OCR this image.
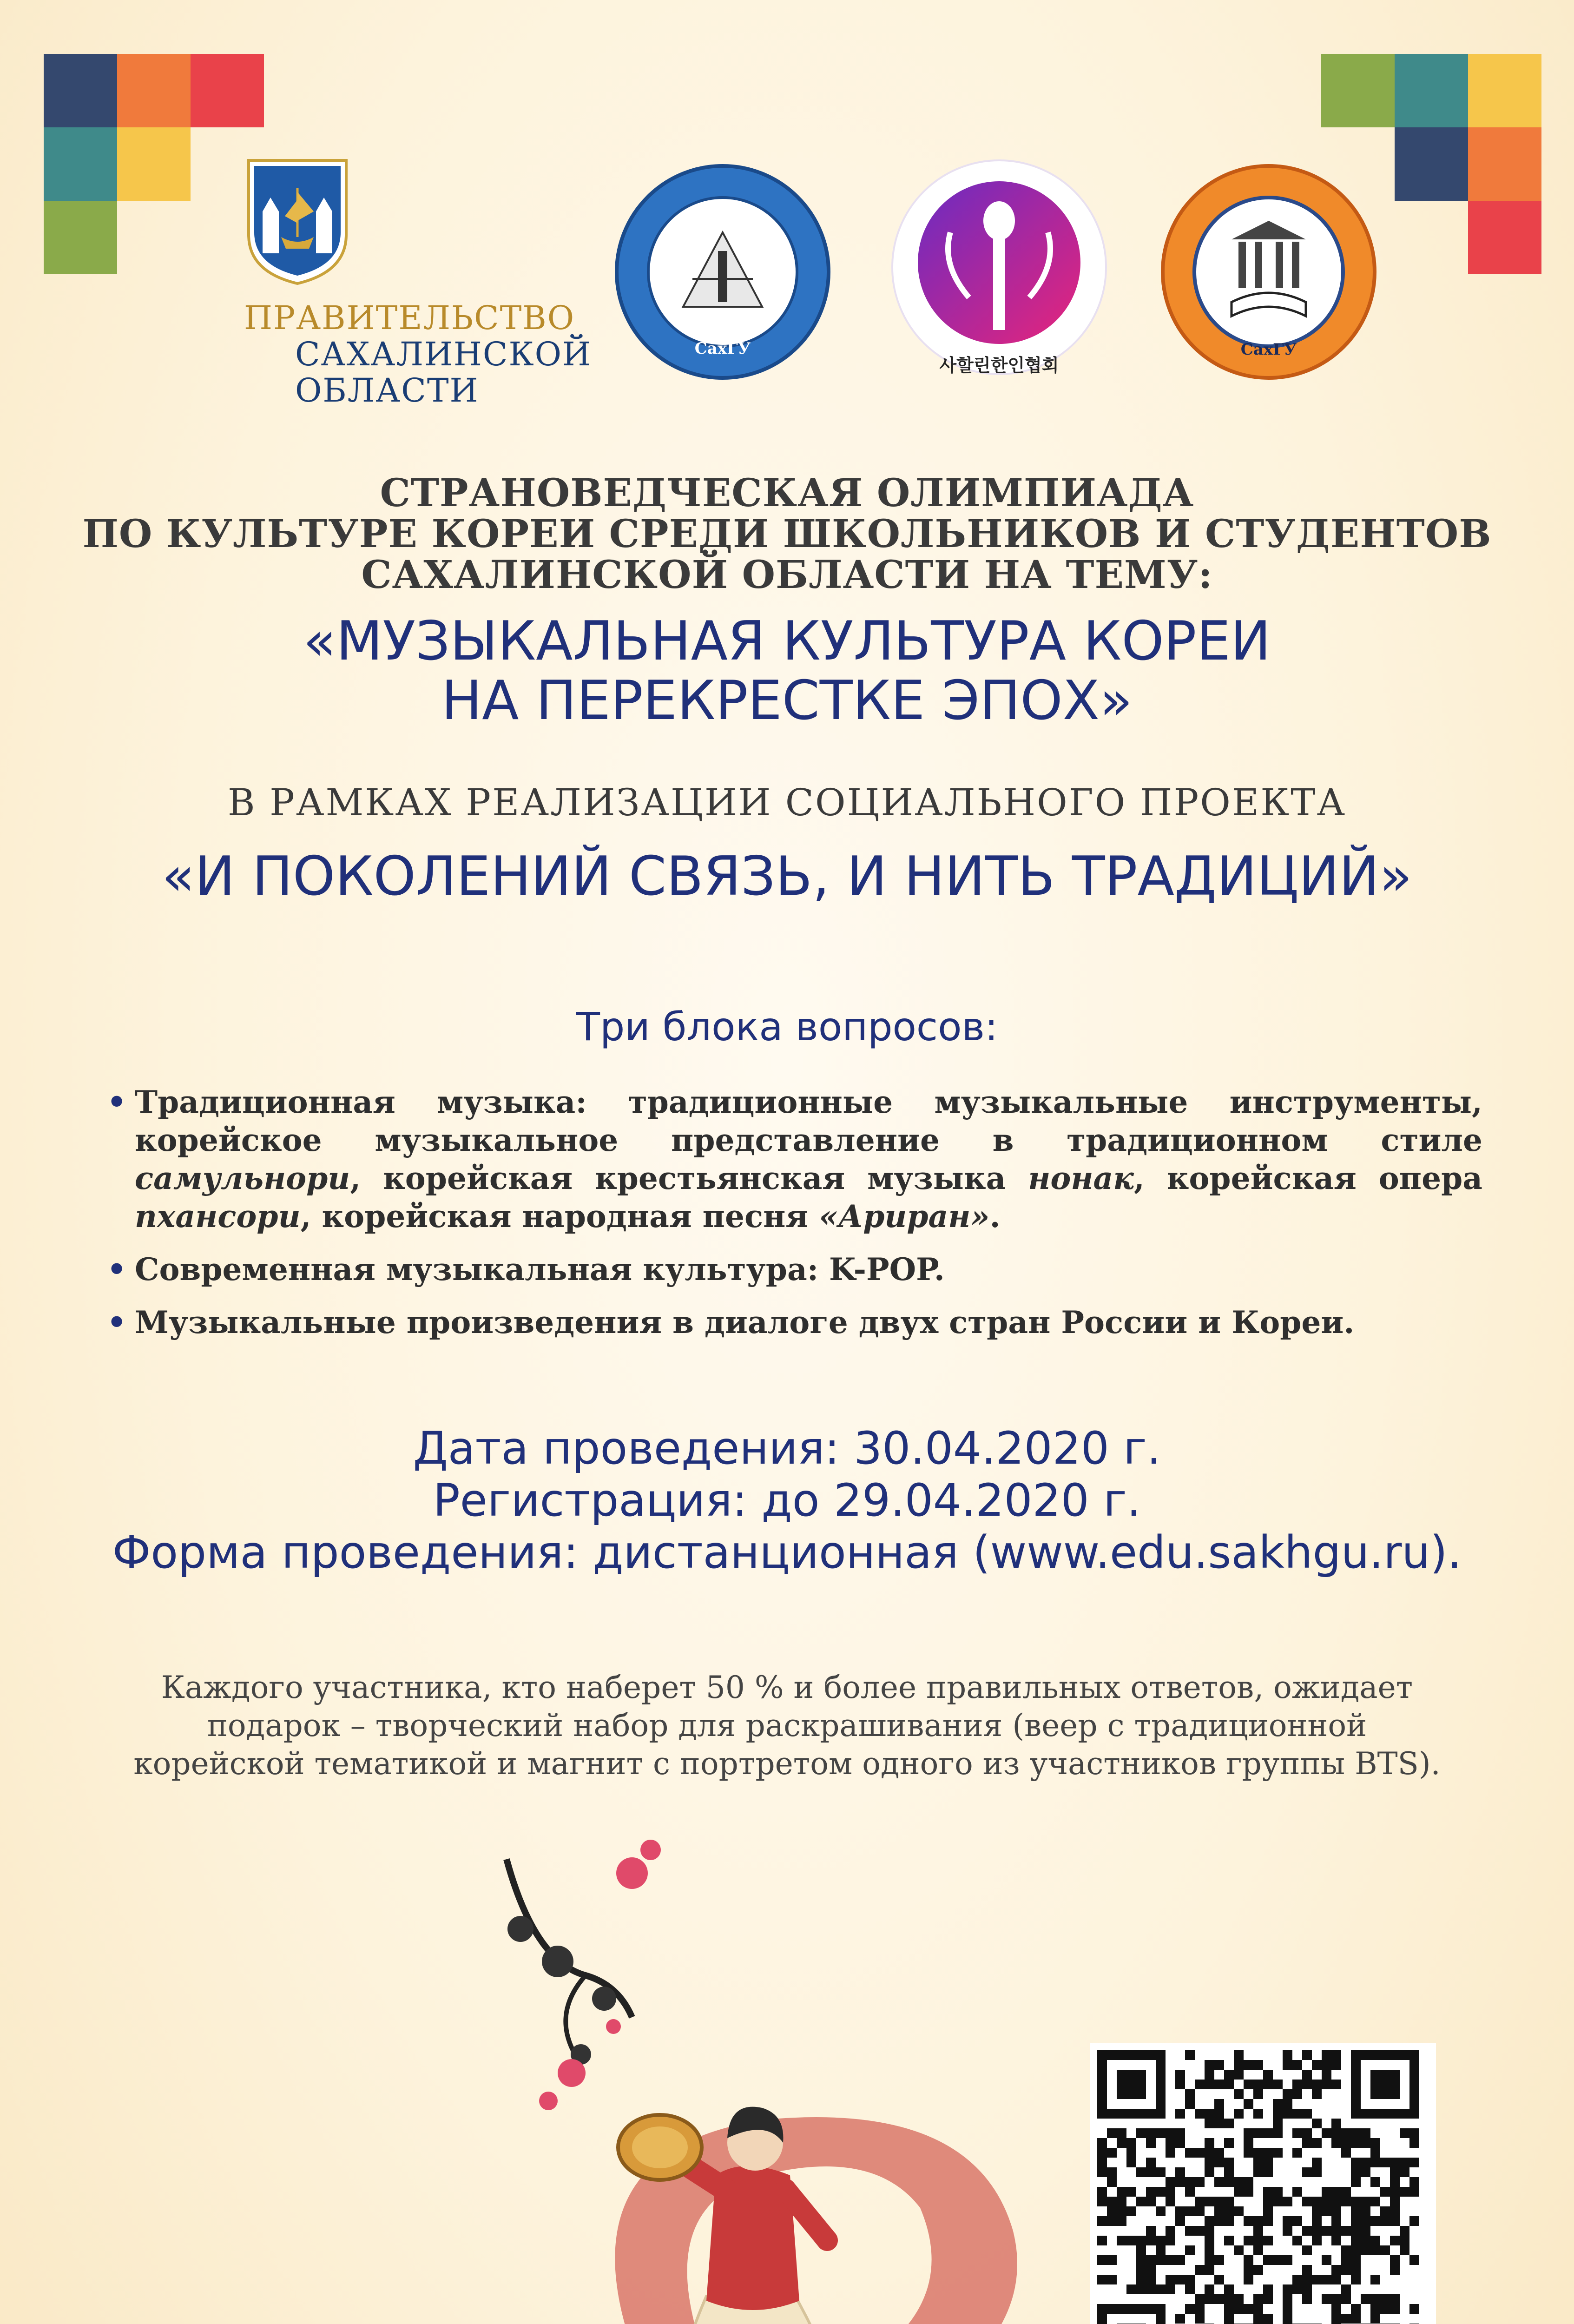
ПРАВИТЕЛЬСТВО
САХАЛИНСКОЙ
ОБЛАСТИ
СахГУ
사할린한인협회
СахГУ
СТРАНОВЕДЧЕСКАЯ ОЛИМПИАДА
ПО КУЛЬТУРЕ КОРЕИ СРЕДИ ШКОЛЬНИКОВ И СТУДЕНТОВ
САХАЛИНСКОЙ ОБЛАСТИ НА ТЕМУ:
«МУЗЫКАЛЬНАЯ КУЛЬТУРА КОРЕИ
НА ПЕРЕКРЕСТКЕ ЭПОХ»
В РАМКАХ РЕАЛИЗАЦИИ СОЦИАЛЬНОГО ПРОЕКТА
«И ПОКОЛЕНИЙ СВЯЗЬ, И НИТЬ ТРАДИЦИЙ»
Три блока вопросов:
• Традиционная музыка: традиционные музыкальные инструменты, корейское музыкальное представление в традиционном стиле самульнори, корейская крестьянская музыка нонак, корейская опера пхансори, корейская народная песня «Ариран».
• Современная музыкальная культура: K-POP.
• Музыкальные произведения в диалоге двух стран России и Кореи.
Дата проведения: 30.04.2020 г.
Регистрация: до 29.04.2020 г.
Форма проведения: дистанционная (www.edu.sakhgu.ru).
Каждого участника, кто наберет 50 % и более правильных ответов, ожидает
подарок – творческий набор для раскрашивания (веер с традиционной
корейской тематикой и магнит с портретом одного из участников группы BTS).
